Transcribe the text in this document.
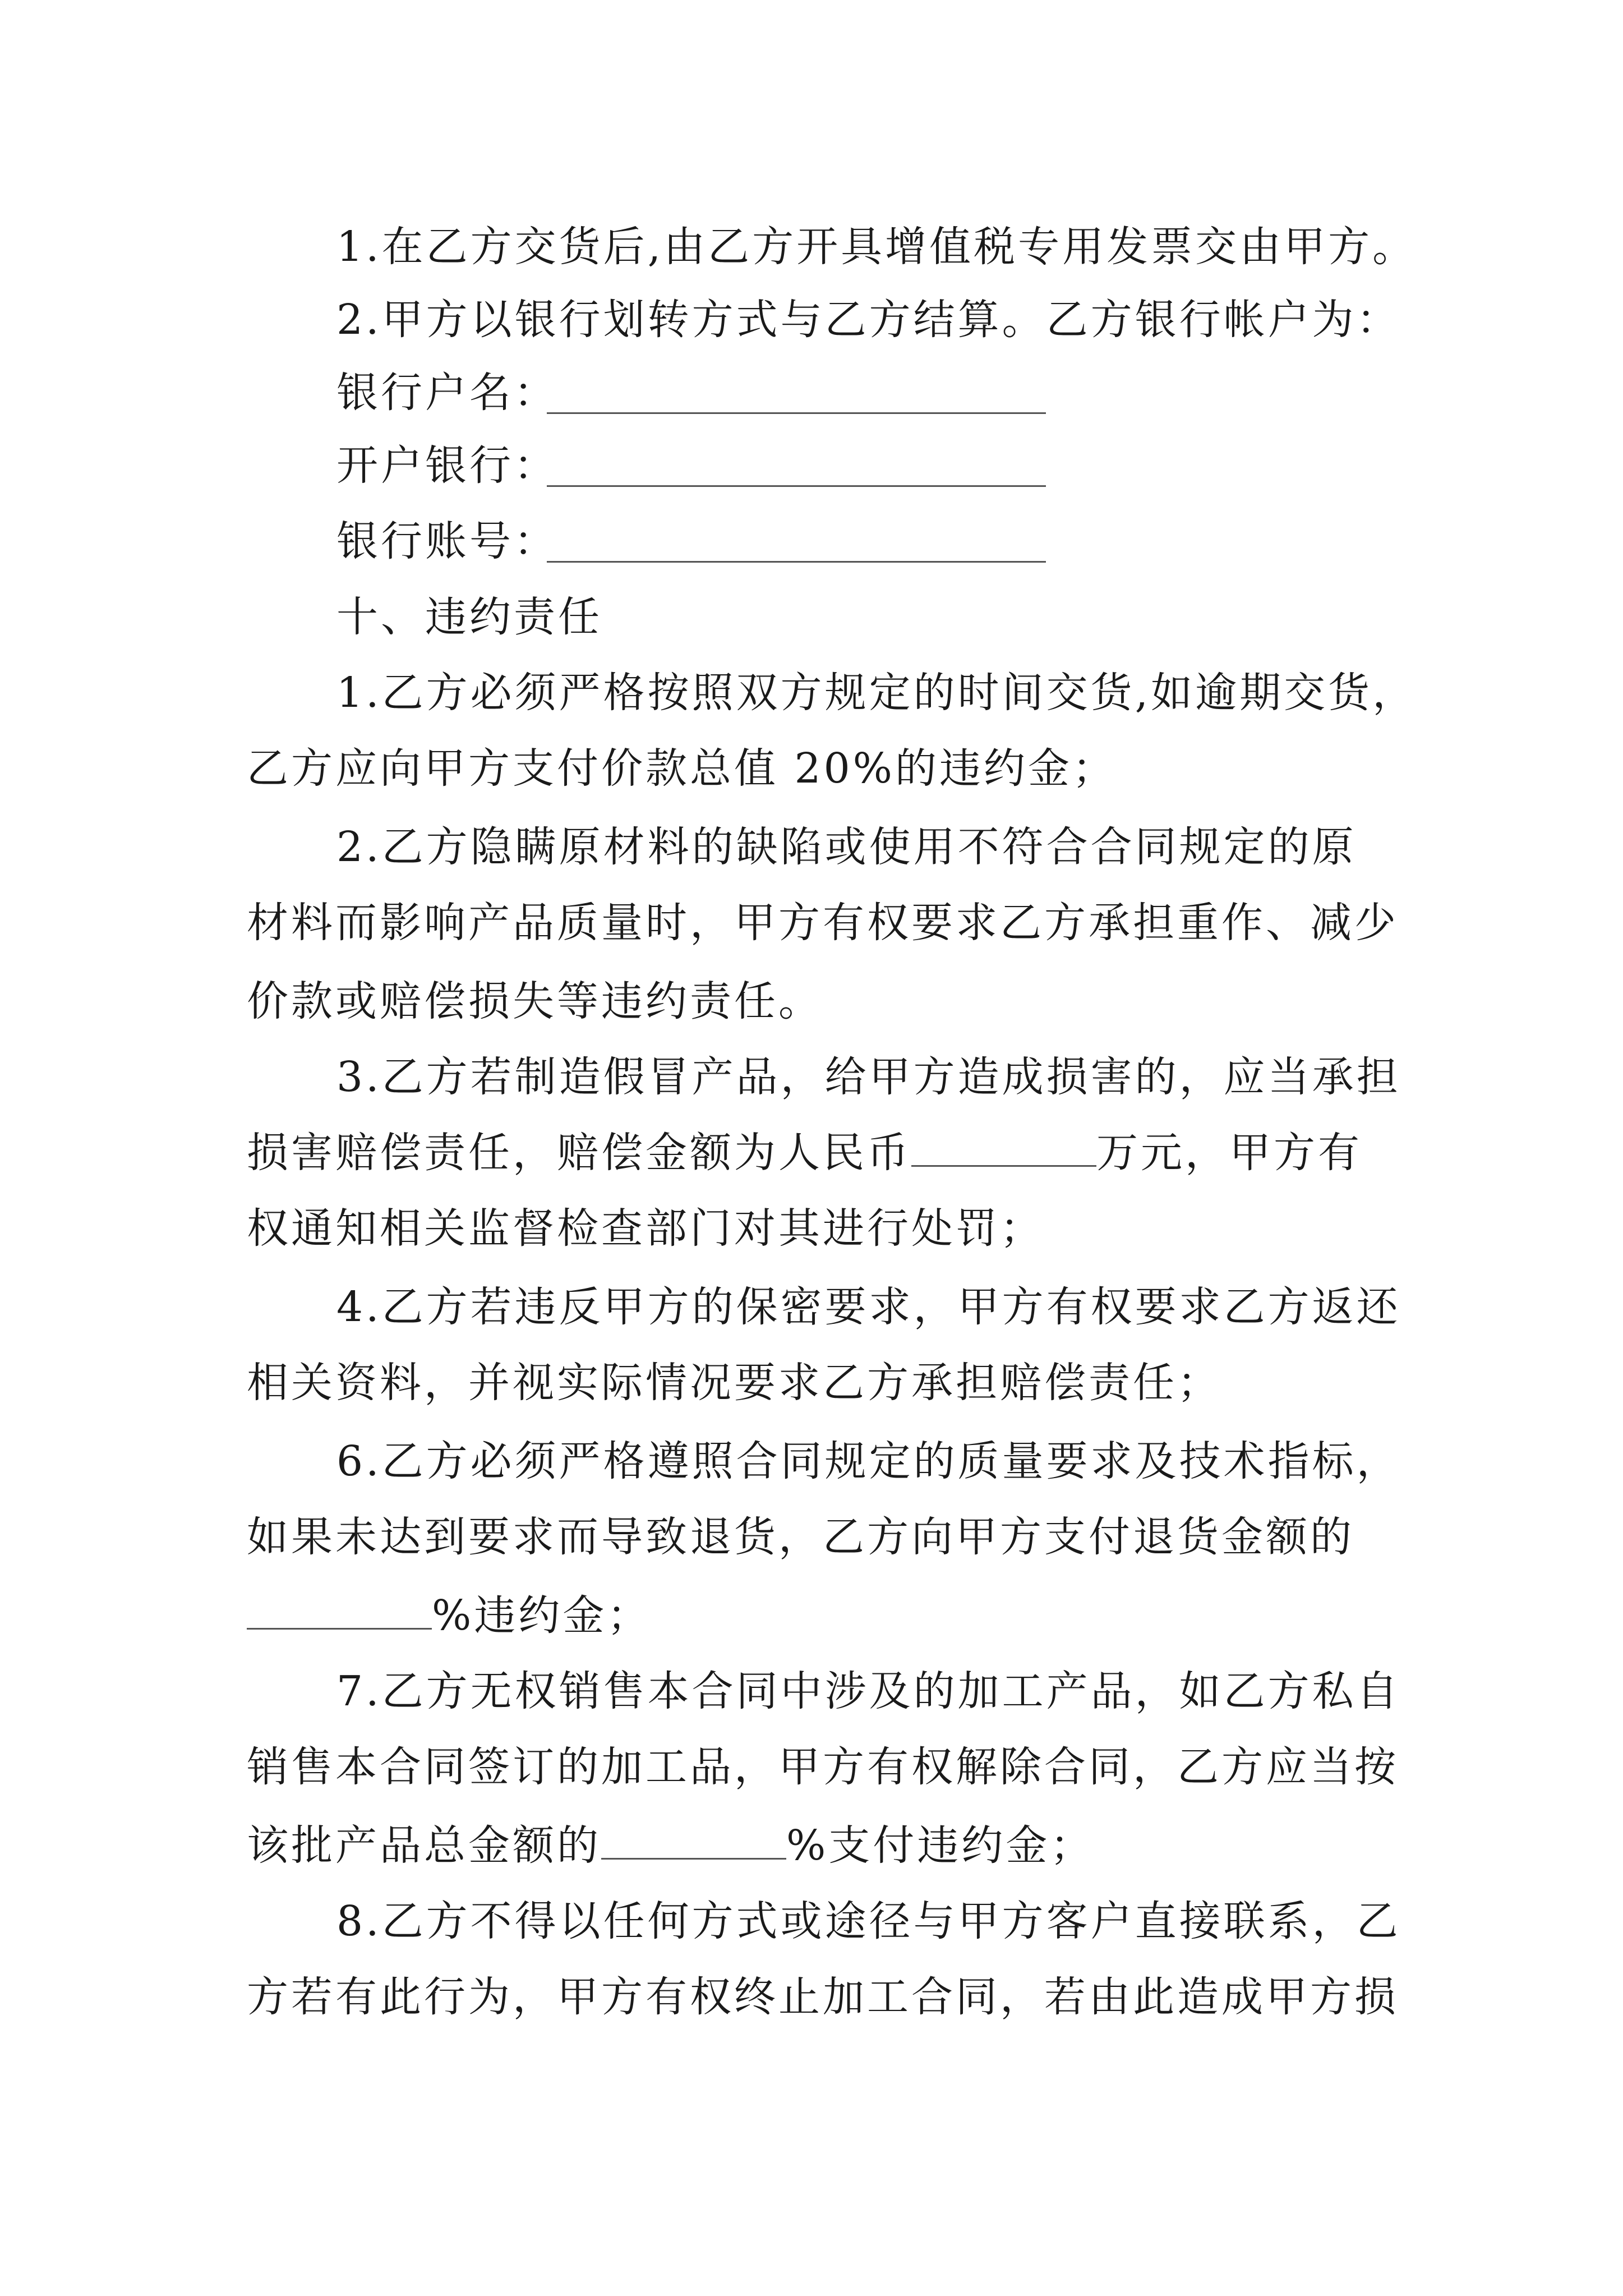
1.在乙方交货后,由乙方开具增值税专用发票交由甲方。
2.甲方以银行划转方式与乙方结算。乙方银行帐户为：
银行户名：
开户银行：
银行账号：
十、违约责任
1.乙方必须严格按照双方规定的时间交货,如逾期交货，
乙方应向甲方支付价款总值 20%的违约金；
2.乙方隐瞒原材料的缺陷或使用不符合合同规定的原
材料而影响产品质量时，甲方有权要求乙方承担重作、减少
价款或赔偿损失等违约责任。
3.乙方若制造假冒产品，给甲方造成损害的，应当承担
损害赔偿责任，赔偿金额为人民币	万元，甲方有
权通知相关监督检查部门对其进行处罚；
4.乙方若违反甲方的保密要求，甲方有权要求乙方返还
相关资料，并视实际情况要求乙方承担赔偿责任；
6.乙方必须严格遵照合同规定的质量要求及技术指标，
如果未达到要求而导致退货，乙方向甲方支付退货金额的
%违约金；
7.乙方无权销售本合同中涉及的加工产品，如乙方私自
销售本合同签订的加工品，甲方有权解除合同，乙方应当按
该批产品总金额的	%支付违约金；
8.乙方不得以任何方式或途径与甲方客户直接联系，乙
方若有此行为，甲方有权终止加工合同，若由此造成甲方损
